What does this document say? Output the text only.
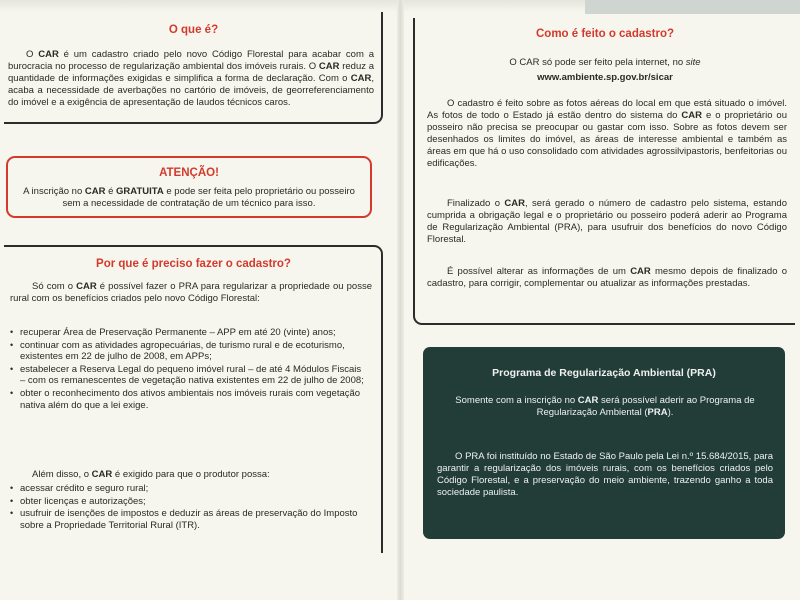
O que é?

O CAR é um cadastro criado pelo novo Código Florestal para acabar com a burocracia no processo de regularização ambiental dos imóveis rurais. O CAR reduz a quantidade de informações exigidas e simplifica a forma de declaração. Com o CAR, acaba a necessidade de averbações no cartório de imóveis, de georreferenciamento do imóvel e a exigência de apresentação de laudos técnicos caros.

ATENÇÃO!

A inscrição no CAR é GRATUITA e pode ser feita pelo proprietário ou posseiro sem a necessidade de contratação de um técnico para isso.

Por que é preciso fazer o cadastro?

Só com o CAR é possível fazer o PRA para regularizar a propriedade ou posse rural com os benefícios criados pelo novo Código Florestal:

• recuperar Área de Preservação Permanente – APP em até 20 (vinte) anos;
• continuar com as atividades agropecuárias, de turismo rural e de ecoturismo, existentes em 22 de julho de 2008, em APPs;
• estabelecer a Reserva Legal do pequeno imóvel rural – de até 4 Módulos Fiscais – com os remanescentes de vegetação nativa existentes em 22 de julho de 2008;
• obter o reconhecimento dos ativos ambientais nos imóveis rurais com vegetação nativa além do que a lei exige.

Além disso, o CAR é exigido para que o produtor possa:

• acessar crédito e seguro rural;
• obter licenças e autorizações;
• usufruir de isenções de impostos e deduzir as áreas de preservação do Imposto sobre a Propriedade Territorial Rural (ITR).
Como é feito o cadastro?

O CAR só pode ser feito pela internet, no site

www.ambiente.sp.gov.br/sicar

O cadastro é feito sobre as fotos aéreas do local em que está situado o imóvel. As fotos de todo o Estado já estão dentro do sistema do CAR e o proprietário ou posseiro não precisa se preocupar ou gastar com isso. Sobre as fotos devem ser desenhados os limites do imóvel, as áreas de interesse ambiental e também as áreas em que há o uso consolidado com atividades agrossilvipastoris, benfeitorias ou edificações.

Finalizado o CAR, será gerado o número de cadastro pelo sistema, estando cumprida a obrigação legal e o proprietário ou posseiro poderá aderir ao Programa de Regularização Ambiental (PRA), para usufruir dos benefícios do novo Código Florestal.

É possível alterar as informações de um CAR mesmo depois de finalizado o cadastro, para corrigir, complementar ou atualizar as informações prestadas.

Programa de Regularização Ambiental (PRA)

Somente com a inscrição no CAR será possível aderir ao Programa de Regularização Ambiental (PRA).

O PRA foi instituído no Estado de São Paulo pela Lei n.º 15.684/2015, para garantir a regularização dos imóveis rurais, com os benefícios criados pelo Código Florestal, e a preservação do meio ambiente, trazendo ganho a toda sociedade paulista.
